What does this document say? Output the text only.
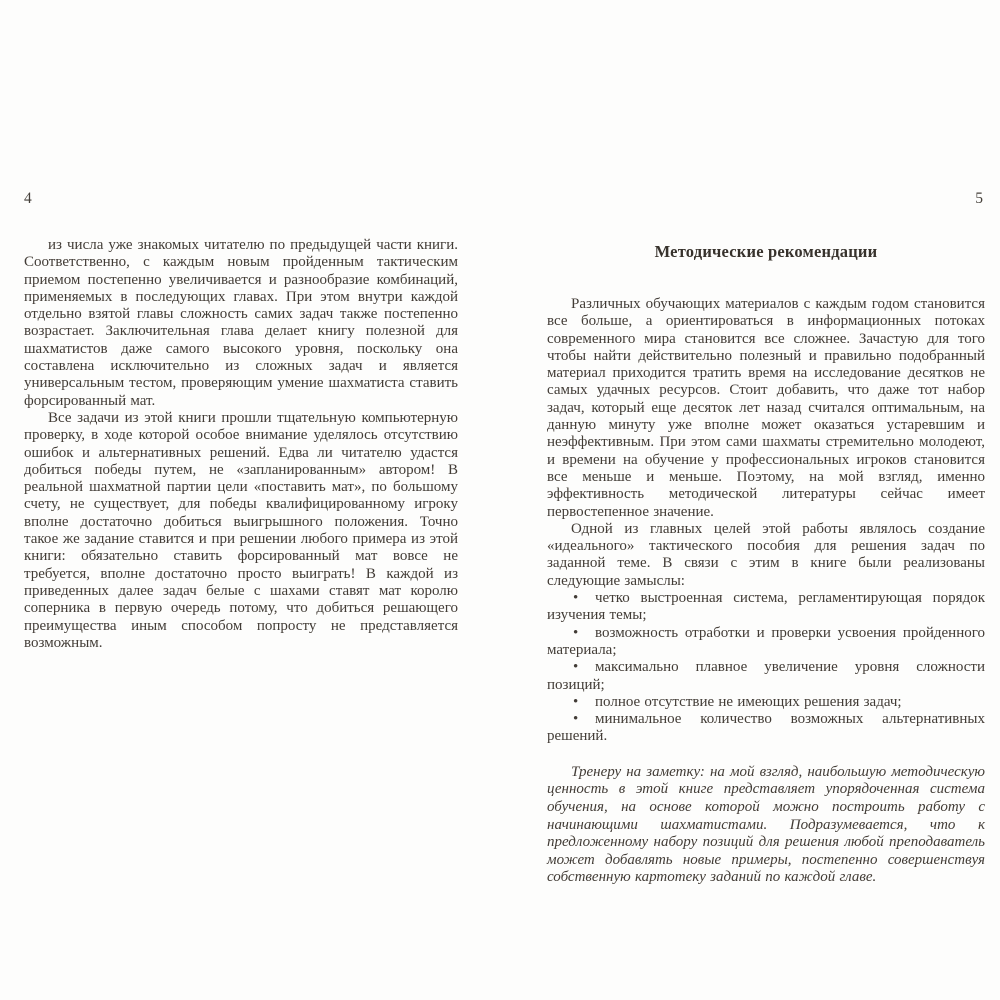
4

из числа уже знакомых читателю по предыдущей части книги. Соответственно, с каждым новым пройденным тактическим приемом постепенно увеличивается и разнообразие комбинаций, применяемых в последующих главах. При этом внутри каждой отдельно взятой главы сложность самих задач также постепенно возрастает. Заключительная глава делает книгу полезной для шахматистов даже самого высокого уровня, поскольку она составлена исключительно из сложных задач и является универсальным тестом, проверяющим умение шахматиста ставить форсированный мат.

Все задачи из этой книги прошли тщательную компьютерную проверку, в ходе которой особое внимание уделялось отсутствию ошибок и альтернативных решений. Едва ли читателю удастся добиться победы путем, не «запланированным» автором! В реальной шахматной партии цели «поставить мат», по большому счету, не существует, для победы квалифицированному игроку вполне достаточно добиться выигрышного положения. Точно такое же задание ставится и при решении любого примера из этой книги: обязательно ставить форсированный мат вовсе не требуется, вполне достаточно просто выиграть! В каждой из приведенных далее задач белые с шахами ставят мат королю соперника в первую очередь потому, что добиться решающего преимущества иным способом попросту не представляется возможным.

5
Методические рекомендации

Различных обучающих материалов с каждым годом становится все больше, а ориентироваться в информационных потоках современного мира становится все сложнее. Зачастую для того чтобы найти действительно полезный и правильно подобранный материал приходится тратить время на исследование десятков не самых удачных ресурсов. Стоит добавить, что даже тот набор задач, который еще десяток лет назад считался оптимальным, на данную минуту уже вполне может оказаться устаревшим и неэффективным. При этом сами шахматы стремительно молодеют, и времени на обучение у профессиональных игроков становится все меньше и меньше. Поэтому, на мой взгляд, именно эффективность методической литературы сейчас имеет первостепенное значение.

Одной из главных целей этой работы являлось создание «идеального» тактического пособия для решения задач по заданной теме. В связи с этим в книге были реализованы следующие замыслы:

• четко выстроенная система, регламентирующая порядок изучения темы;

• возможность отработки и проверки усвоения пройденного материала;

• максимально плавное увеличение уровня сложности позиций;

• полное отсутствие не имеющих решения задач;

• минимальное количество возможных альтернативных решений.

Тренеру на заметку: на мой взгляд, наибольшую методическую ценность в этой книге представляет упорядоченная система обучения, на основе которой можно построить работу с начинающими шахматистами. Подразумевается, что к предложенному набору позиций для решения любой преподаватель может добавлять новые примеры, постепенно совершенствуя собственную картотеку заданий по каждой главе.
